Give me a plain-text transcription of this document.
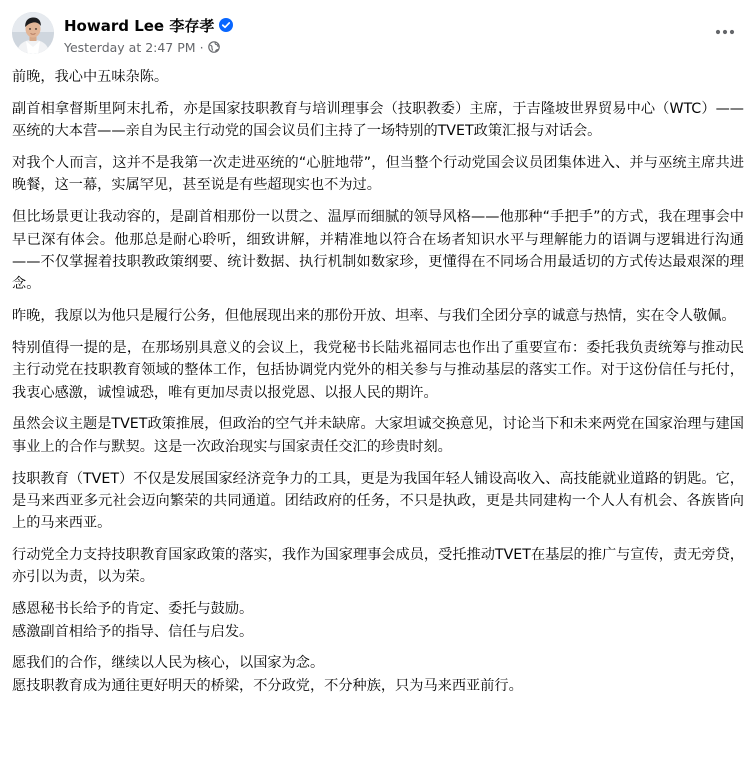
Howard Lee 李存孝
Yesterday at 2:47 PM ·
前晚，我心中五味杂陈。
副首相拿督斯里阿末扎希，亦是国家技职教育与培训理事会（技职教委）主席，于吉隆坡世界贸易中心（WTC）——巫统的大本营——亲自为民主行动党的国会议员们主持了一场特别的TVET政策汇报与对话会。
对我个人而言，这并不是我第一次走进巫统的“心脏地带”，但当整个行动党国会议员团集体进入、并与巫统主席共进晚餐，这一幕，实属罕见，甚至说是有些超现实也不为过。
但比场景更让我动容的，是副首相那份一以贯之、温厚而细腻的领导风格——他那种“手把手”的方式，我在理事会中早已深有体会。他那总是耐心聆听，细致讲解，并精准地以符合在场者知识水平与理解能力的语调与逻辑进行沟通——不仅掌握着技职教政策纲要、统计数据、执行机制如数家珍，更懂得在不同场合用最适切的方式传达最艰深的理念。
昨晚，我原以为他只是履行公务，但他展现出来的那份开放、坦率、与我们全团分享的诚意与热情，实在令人敬佩。
特别值得一提的是，在那场别具意义的会议上，我党秘书长陆兆福同志也作出了重要宣布：委托我负责统筹与推动民主行动党在技职教育领域的整体工作，包括协调党内党外的相关参与与推动基层的落实工作。对于这份信任与托付，我衷心感激，诚惶诚恐，唯有更加尽责以报党恩、以报人民的期许。
虽然会议主题是TVET政策推展，但政治的空气并未缺席。大家坦诚交换意见，讨论当下和未来两党在国家治理与建国事业上的合作与默契。这是一次政治现实与国家责任交汇的珍贵时刻。
技职教育（TVET）不仅是发展国家经济竞争力的工具，更是为我国年轻人铺设高收入、高技能就业道路的钥匙。它，是马来西亚多元社会迈向繁荣的共同通道。团结政府的任务，不只是执政，更是共同建构一个人人有机会、各族皆向上的马来西亚。
行动党全力支持技职教育国家政策的落实，我作为国家理事会成员，受托推动TVET在基层的推广与宣传，责无旁贷，亦引以为责，以为荣。
感恩秘书长给予的肯定、委托与鼓励。
感激副首相给予的指导、信任与启发。
愿我们的合作，继续以人民为核心，以国家为念。
愿技职教育成为通往更好明天的桥梁，不分政党，不分种族，只为马来西亚前行。
